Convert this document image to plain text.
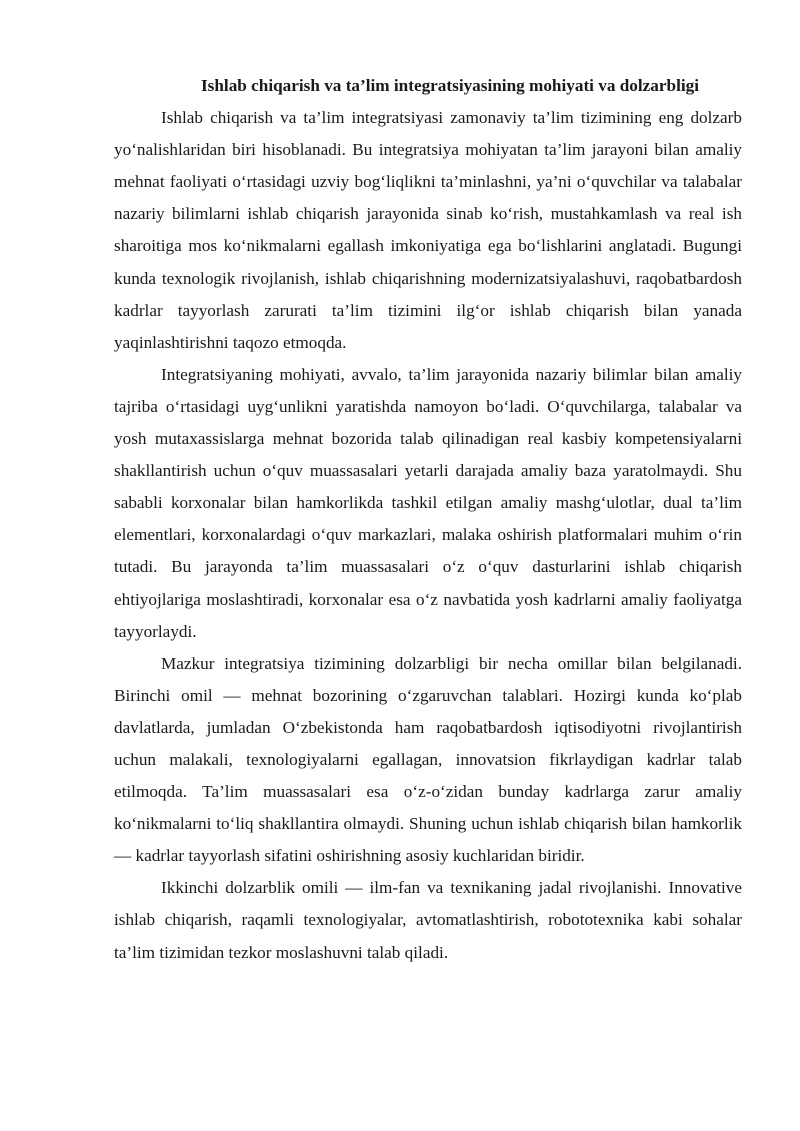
Ishlab chiqarish va ta’lim integratsiyasining mohiyati va dolzarbligi

Ishlab chiqarish va ta’lim integratsiyasi zamonaviy ta’lim tizimining eng dolzarb yo‘nalishlaridan biri hisoblanadi. Bu integratsiya mohiyatan ta’lim jarayoni bilan amaliy mehnat faoliyati o‘rtasidagi uzviy bog‘liqlikni ta’minlashni, ya’ni o‘quvchilar va talabalar nazariy bilimlarni ishlab chiqarish jarayonida sinab ko‘rish, mustahkamlash va real ish sharoitiga mos ko‘nikmalarni egallash imkoniyatiga ega bo‘lishlarini anglatadi. Bugungi kunda texnologik rivojlanish, ishlab chiqarishning modernizatsiyalashuvi, raqobatbardosh kadrlar tayyorlash zarurati ta’lim tizimini ilg‘or ishlab chiqarish bilan yanada yaqinlashtirishni taqozo etmoqda.

Integratsiyaning mohiyati, avvalo, ta’lim jarayonida nazariy bilimlar bilan amaliy tajriba o‘rtasidagi uyg‘unlikni yaratishda namoyon bo‘ladi. O‘quvchilarga, talabalar va yosh mutaxassislarga mehnat bozorida talab qilinadigan real kasbiy kompetensiyalarni shakllantirish uchun o‘quv muassasalari yetarli darajada amaliy baza yaratolmaydi. Shu sababli korxonalar bilan hamkorlikda tashkil etilgan amaliy mashg‘ulotlar, dual ta’lim elementlari, korxonalardagi o‘quv markazlari, malaka oshirish platformalari muhim o‘rin tutadi. Bu jarayonda ta’lim muassasalari o‘z o‘quv dasturlarini ishlab chiqarish ehtiyojlariga moslashtiradi, korxonalar esa o‘z navbatida yosh kadrlarni amaliy faoliyatga tayyorlaydi.

Mazkur integratsiya tizimining dolzarbligi bir necha omillar bilan belgilanadi. Birinchi omil — mehnat bozorining o‘zgaruvchan talablari. Hozirgi kunda ko‘plab davlatlarda, jumladan O‘zbekistonda ham raqobatbardosh iqtisodiyotni rivojlantirish uchun malakali, texnologiyalarni egallagan, innovatsion fikrlaydigan kadrlar talab etilmoqda. Ta’lim muassasalari esa o‘z-o‘zidan bunday kadrlarga zarur amaliy ko‘nikmalarni to‘liq shakllantira olmaydi. Shuning uchun ishlab chiqarish bilan hamkorlik — kadrlar tayyorlash sifatini oshirishning asosiy kuchlaridan biridir.

Ikkinchi dolzarblik omili — ilm-fan va texnikaning jadal rivojlanishi. Innovative ishlab chiqarish, raqamli texnologiyalar, avtomatlashtirish, robototexnika kabi sohalar ta’lim tizimidan tezkor moslashuvni talab qiladi.
